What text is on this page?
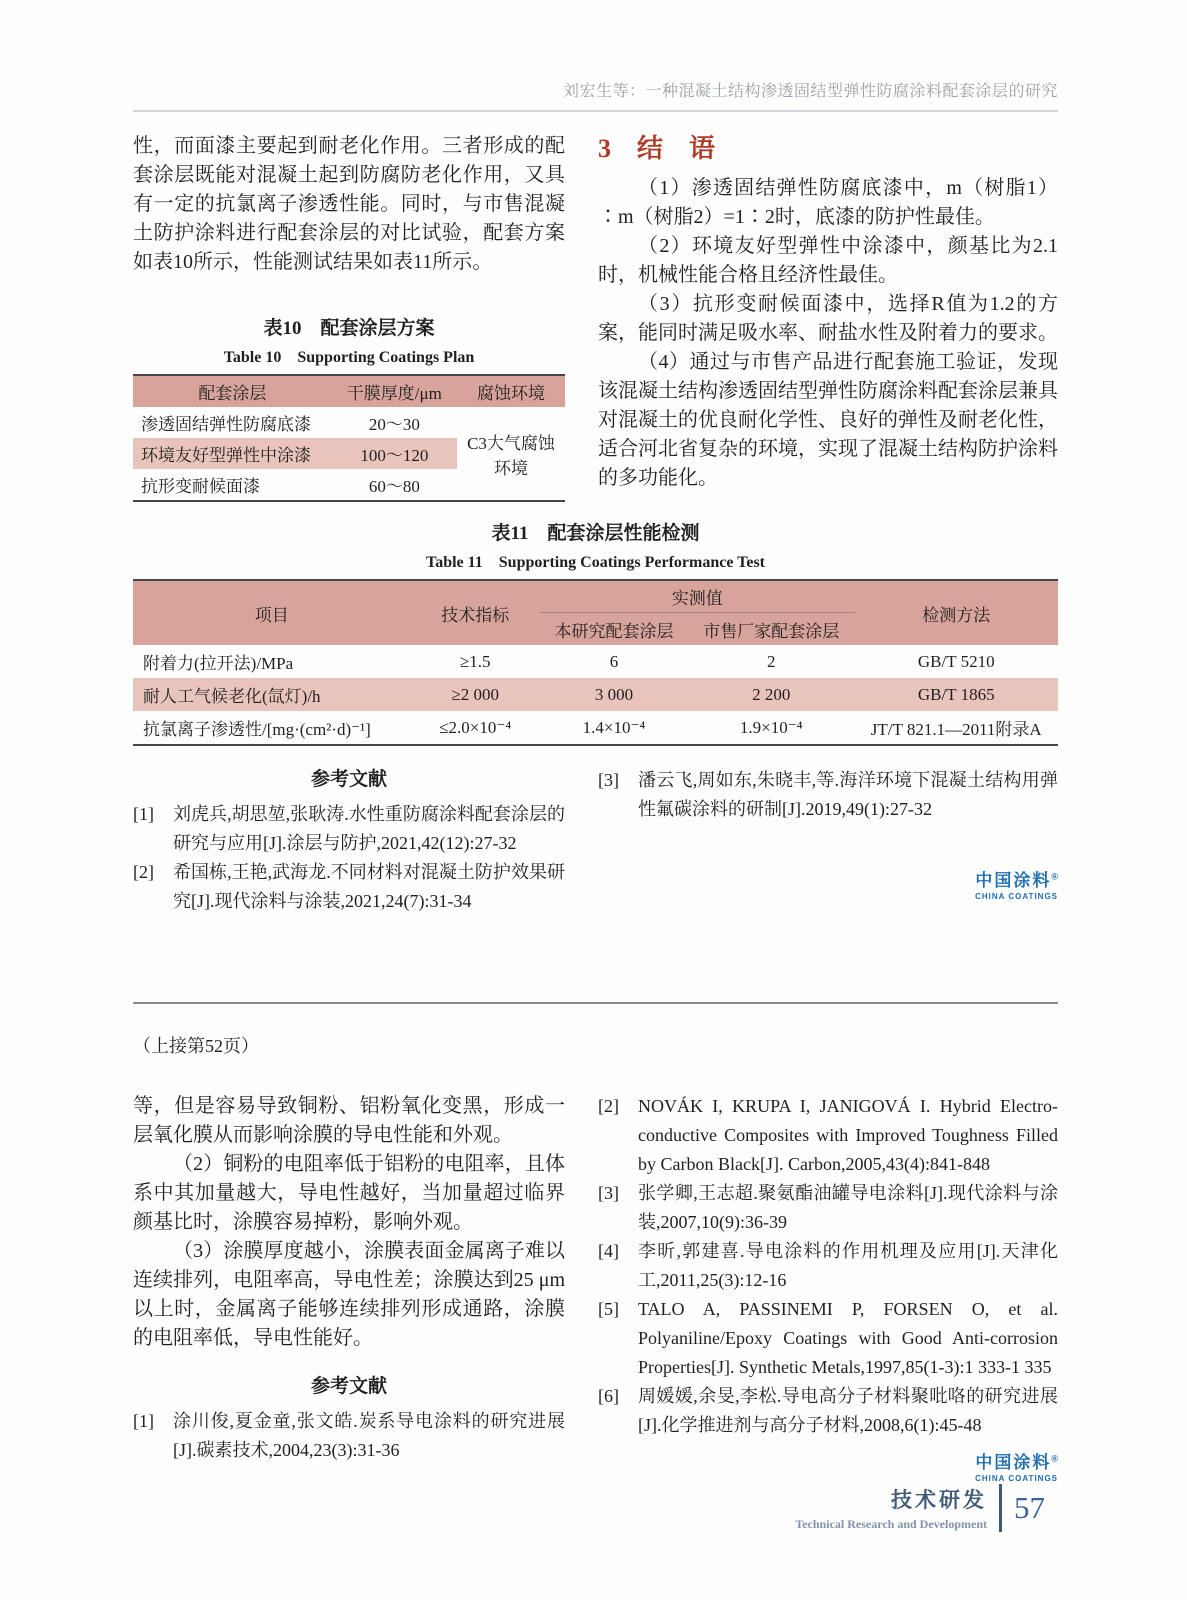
刘宏生等：一种混凝土结构渗透固结型弹性防腐涂料配套涂层的研究

性，而面漆主要起到耐老化作用。三者形成的配套涂层既能对混凝土起到防腐防老化作用，又具有一定的抗氯离子渗透性能。同时，与市售混凝土防护涂料进行配套涂层的对比试验，配套方案如表10所示，性能测试结果如表11所示。

表10　配套涂层方案
Table 10　Supporting Coatings Plan
配套涂层	干膜厚度/μm	腐蚀环境
渗透固结弹性防腐底漆	20～30	C3大气腐蚀环境
环境友好型弹性中涂漆	100～120	
抗形变耐候面漆	60～80	
3　结　语

（1）渗透固结弹性防腐底漆中，m（树脂1）∶m（树脂2）=1∶2时，底漆的防护性最佳。

（2）环境友好型弹性中涂漆中，颜基比为2.1时，机械性能合格且经济性最佳。

（3）抗形变耐候面漆中，选择R值为1.2的方案，能同时满足吸水率、耐盐水性及附着力的要求。

（4）通过与市售产品进行配套施工验证，发现该混凝土结构渗透固结型弹性防腐涂料配套涂层兼具对混凝土的优良耐化学性、良好的弹性及耐老化性，适合河北省复杂的环境，实现了混凝土结构防护涂料的多功能化。

表11　配套涂层性能检测
Table 11　Supporting Coatings Performance Test
项目	技术指标	实测值		检测方法
		本研究配套涂层	市售厂家配套涂层	
附着力(拉开法)/MPa	≥1.5	6	2	GB/T 5210
耐人工气候老化(氙灯)/h	≥2 000	3 000	2 200	GB/T 1865
抗氯离子渗透性/[mg·(cm²·d)⁻¹]	≤2.0×10⁻⁴	1.4×10⁻⁴	1.9×10⁻⁴	JT/T 821.1—2011附录A
参考文献
[1]	刘虎兵,胡思堃,张耿涛.水性重防腐涂料配套涂层的研究与应用[J].涂层与防护,2021,42(12):27-32
[2]	希国栋,王艳,武海龙.不同材料对混凝土防护效果研究[J].现代涂料与涂装,2021,24(7):31-34
[3]	潘云飞,周如东,朱晓丰,等.海洋环境下混凝土结构用弹性氟碳涂料的研制[J].2019,49(1):27-32
中国涂料®
CHINA COATINGS
（上接第52页）

等，但是容易导致铜粉、铝粉氧化变黑，形成一层氧化膜从而影响涂膜的导电性能和外观。

（2）铜粉的电阻率低于铝粉的电阻率，且体系中其加量越大，导电性越好，当加量超过临界颜基比时，涂膜容易掉粉，影响外观。

（3）涂膜厚度越小，涂膜表面金属离子难以连续排列，电阻率高，导电性差；涂膜达到25 μm以上时，金属离子能够连续排列形成通路，涂膜的电阻率低，导电性能好。

参考文献
[1]	涂川俊,夏金童,张文皓.炭系导电涂料的研究进展[J].碳素技术,2004,23(3):31-36
[2]	NOVÁK I, KRUPA I, JANIGOVÁ I. Hybrid Electro-conductive Composites with Improved Toughness Filled by Carbon Black[J]. Carbon,2005,43(4):841-848
[3]	张学卿,王志超.聚氨酯油罐导电涂料[J].现代涂料与涂装,2007,10(9):36-39
[4]	李昕,郭建喜.导电涂料的作用机理及应用[J].天津化工,2011,25(3):12-16
[5]	TALO A, PASSINEMI P, FORSEN O, et al. Polyaniline/Epoxy Coatings with Good Anti-corrosion Properties[J]. Synthetic Metals,1997,85(1-3):1 333-1 335
[6]	周媛媛,余旻,李松.导电高分子材料聚吡咯的研究进展[J].化学推进剂与高分子材料,2008,6(1):45-48
中国涂料®
CHINA COATINGS
技术研发
Technical Research and Development 57
